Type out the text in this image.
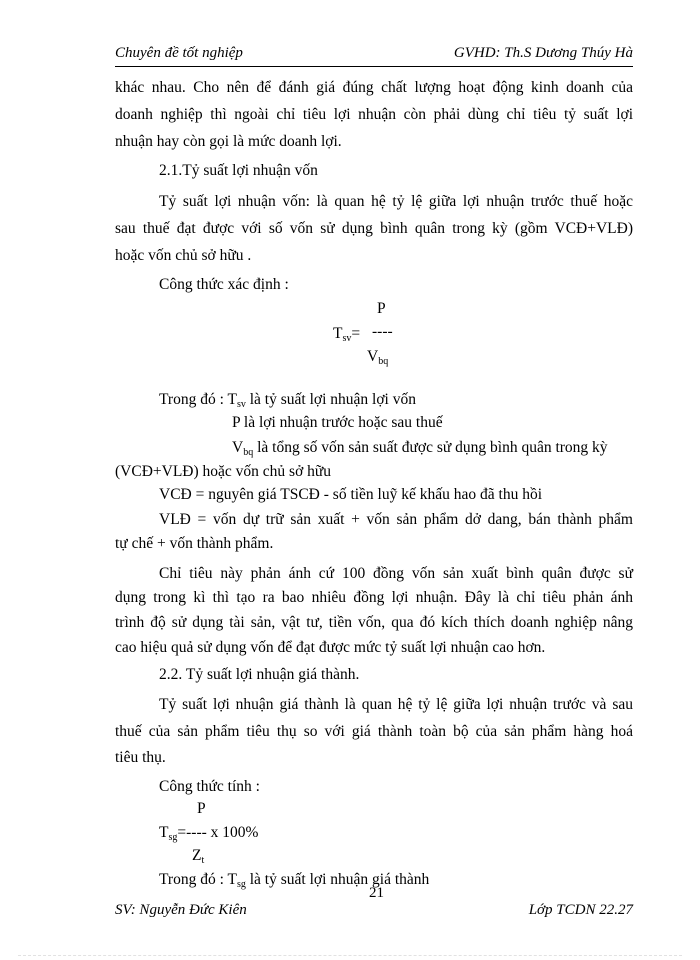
Chuyên đề tốt nghiệp	GVHD: Th.S Dương Thúy Hà
khác nhau. Cho nên để đánh giá đúng chất lượng hoạt động kinh doanh của
doanh nghiệp thì ngoài chỉ tiêu lợi nhuận còn phải dùng chỉ tiêu tỷ suất lợi
nhuận hay còn gọi là mức doanh lợi.
2.1.Tỷ suất lợi nhuận vốn
Tỷ suất lợi nhuận vốn: là quan hệ tỷ lệ giữa lợi nhuận trước thuế hoặc
sau thuế đạt được với số vốn sử dụng bình quân trong kỳ (gồm VCĐ+VLĐ)
hoặc vốn chủ sở hữu .
Công thức xác định :
P
$T_{sv}=$ ----
$V_{bq}$
Trong đó : $T_{sv}$ là tỷ suất lợi nhuận lợi vốn
P là lợi nhuận trước hoặc sau thuế
$V_{bq}$ là tổng số vốn sản suất được sử dụng bình quân trong kỳ
(VCĐ+VLĐ) hoặc vốn chủ sở hữu
VCĐ = nguyên giá TSCĐ - số tiền luỹ kế khấu hao đã thu hồi
VLĐ = vốn dự trữ sản xuất + vốn sản phẩm dở dang, bán thành phẩm
tự chế + vốn thành phẩm.
Chỉ tiêu này phản ánh cứ 100 đồng vốn sản xuất bình quân được sử
dụng trong kì thì tạo ra bao nhiêu đồng lợi nhuận. Đây là chỉ tiêu phản ánh
trình độ sử dụng tài sản, vật tư, tiền vốn, qua đó kích thích doanh nghiệp nâng
cao hiệu quả sử dụng vốn để đạt được mức tỷ suất lợi nhuận cao hơn.
2.2. Tỷ suất lợi nhuận giá thành.
Tỷ suất lợi nhuận giá thành là quan hệ tỷ lệ giữa lợi nhuận trước và sau
thuế của sản phẩm tiêu thụ so với giá thành toàn bộ của sản phẩm hàng hoá
tiêu thụ.
Công thức tính :
P
$T_{sg}=----$ x 100%
$Z_t$
Trong đó : $T_{sg}$ là tỷ suất lợi nhuận giá thành
21
SV: Nguyễn Đức Kiên	Lớp TCDN 22.27
